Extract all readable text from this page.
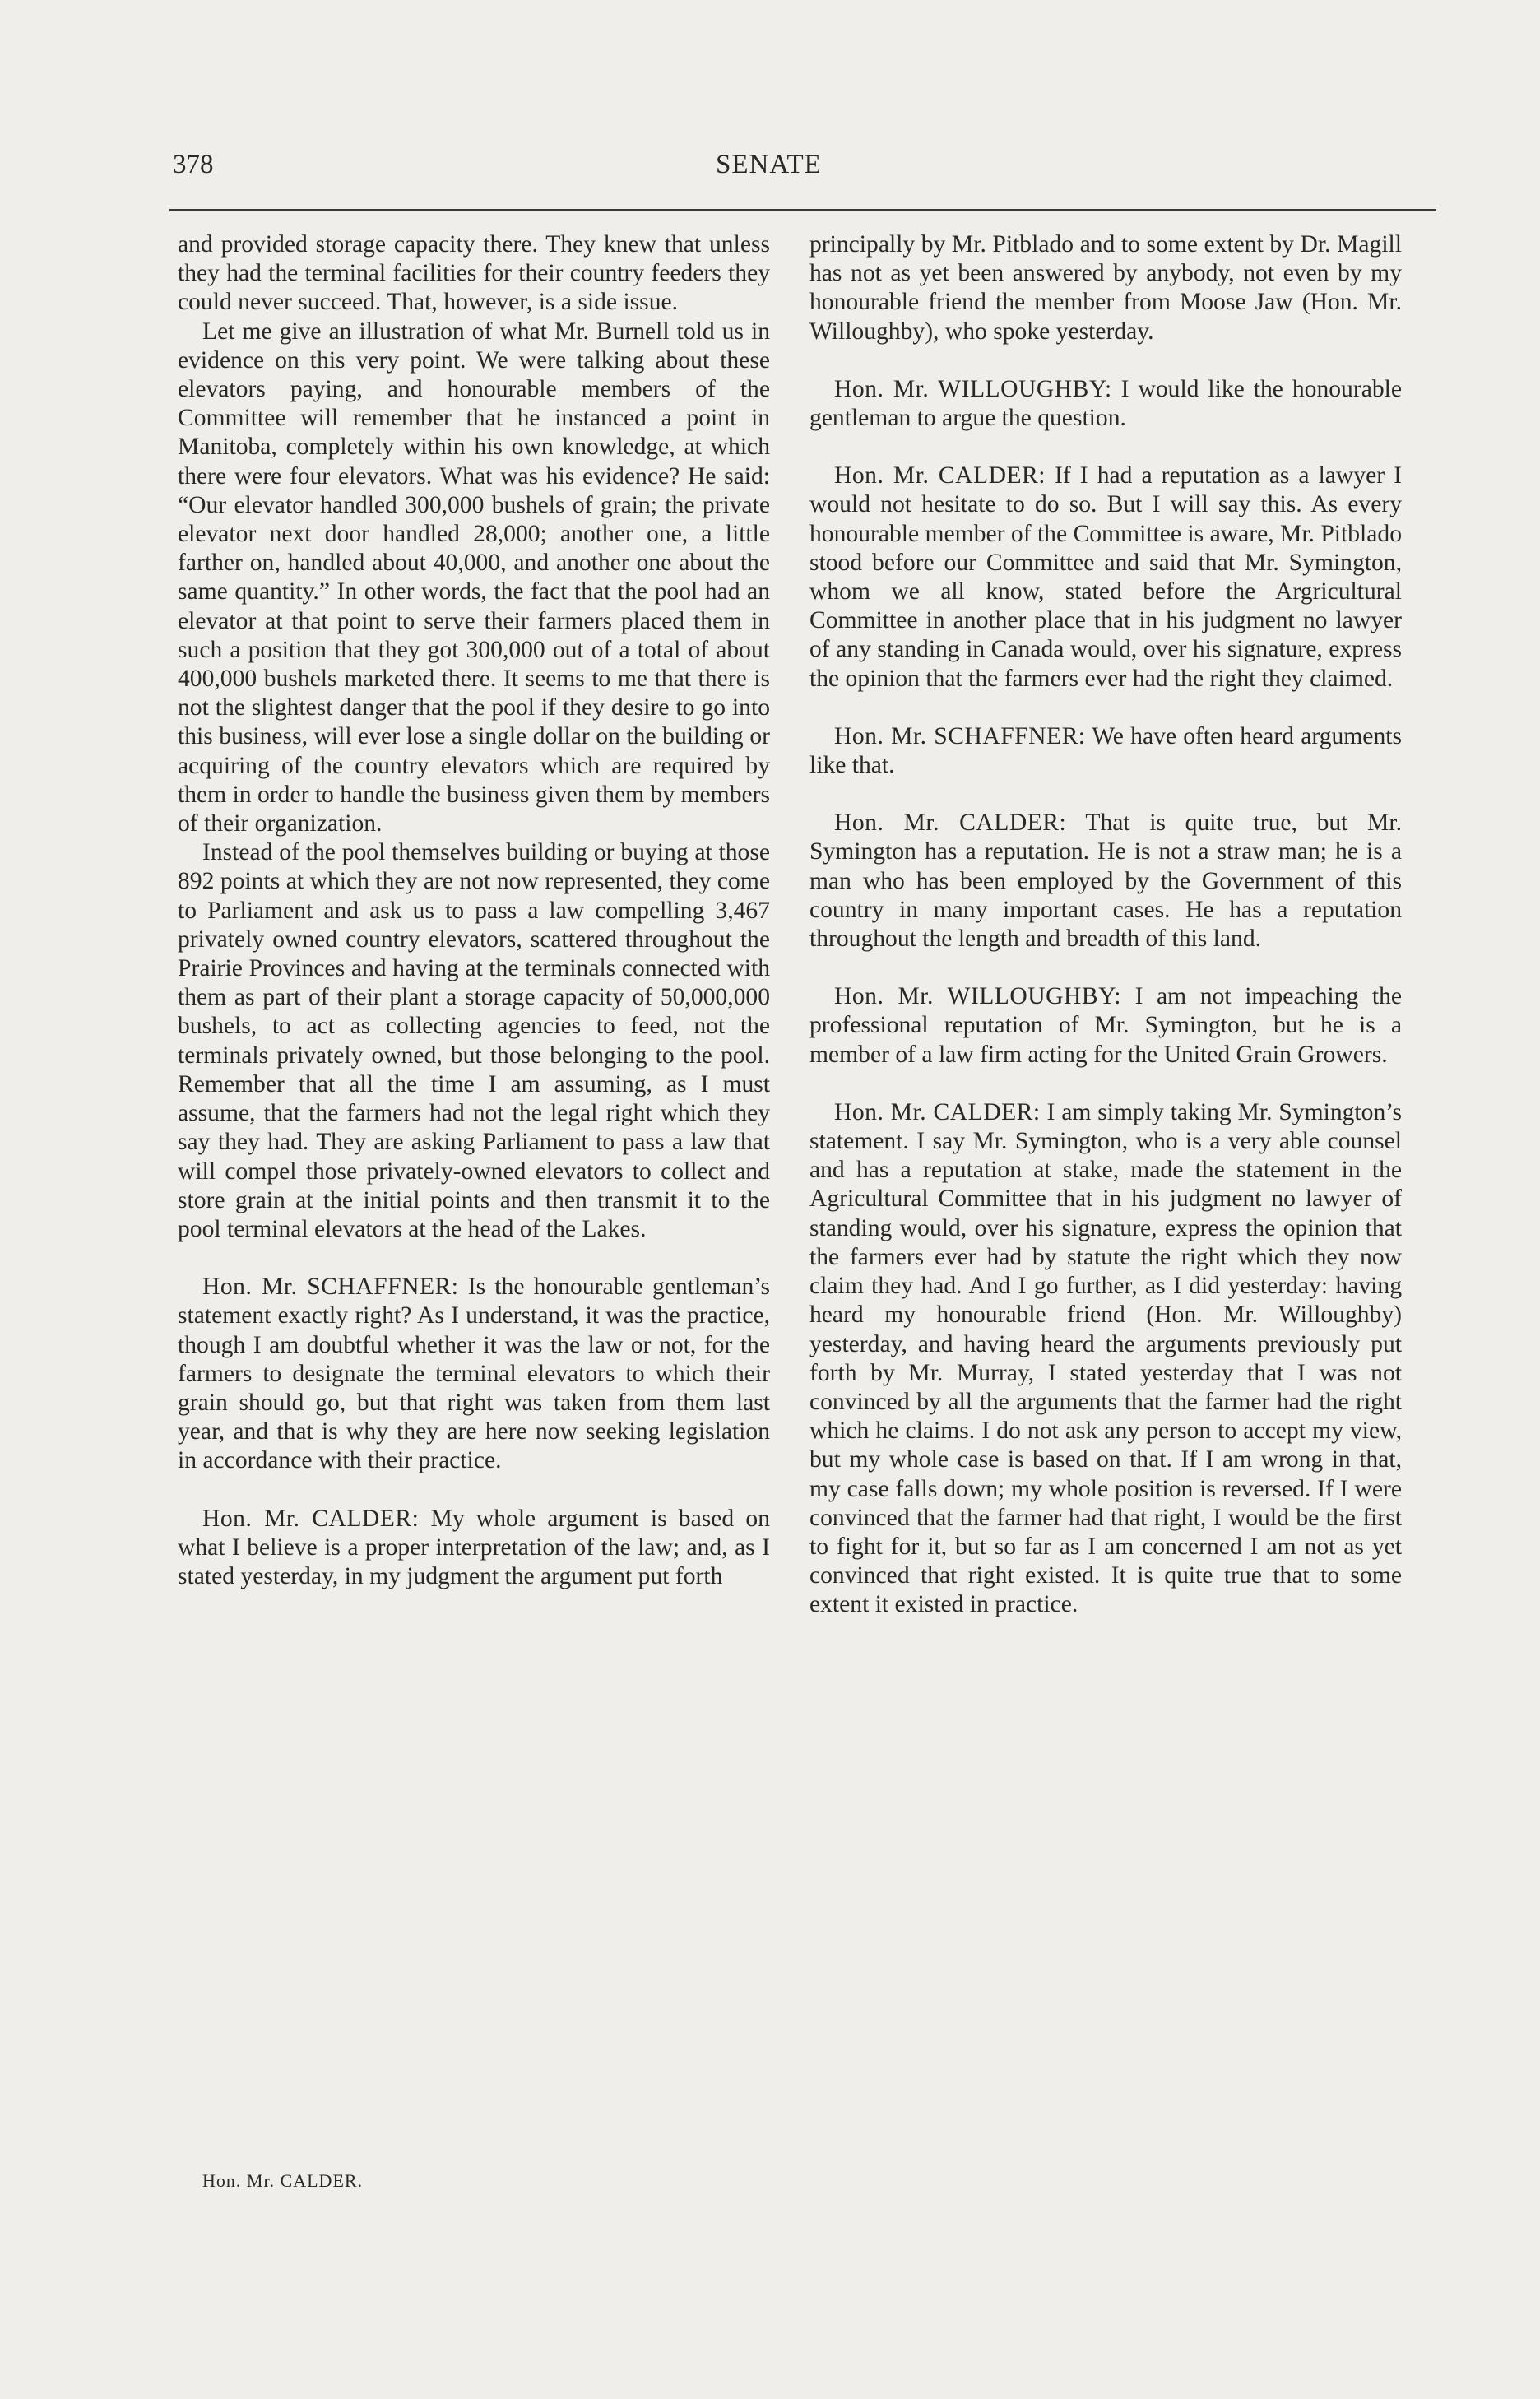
378	SENATE

and provided storage capacity there. They knew that unless they had the terminal facilities for their country feeders they could never succeed. That, however, is a side issue.

Let me give an illustration of what Mr. Burnell told us in evidence on this very point. We were talking about these elevators paying, and honourable members of the Committee will remember that he instanced a point in Manitoba, completely within his own knowledge, at which there were four elevators. What was his evidence? He said: “Our elevator handled 300,000 bushels of grain; the private elevator next door handled 28,000; another one, a little farther on, handled about 40,000, and another one about the same quantity.” In other words, the fact that the pool had an elevator at that point to serve their farmers placed them in such a position that they got 300,000 out of a total of about 400,000 bushels marketed there. It seems to me that there is not the slightest danger that the pool if they desire to go into this business, will ever lose a single dollar on the building or acquiring of the country elevators which are required by them in order to handle the business given them by members of their organization.

Instead of the pool themselves building or buying at those 892 points at which they are not now represented, they come to Parliament and ask us to pass a law compelling 3,467 privately owned country elevators, scattered throughout the Prairie Provinces and having at the terminals connected with them as part of their plant a storage capacity of 50,000,000 bushels, to act as collecting agencies to feed, not the terminals privately owned, but those belonging to the pool. Remember that all the time I am assuming, as I must assume, that the farmers had not the legal right which they say they had. They are asking Parliament to pass a law that will compel those privately-owned elevators to collect and store grain at the initial points and then transmit it to the pool terminal elevators at the head of the Lakes.

Hon. Mr. SCHAFFNER: Is the honourable gentleman’s statement exactly right? As I understand, it was the practice, though I am doubtful whether it was the law or not, for the farmers to designate the terminal elevators to which their grain should go, but that right was taken from them last year, and that is why they are here now seeking legislation in accordance with their practice.

Hon. Mr. CALDER: My whole argument is based on what I believe is a proper interpretation of the law; and, as I stated yesterday, in my judgment the argument put forth

principally by Mr. Pitblado and to some extent by Dr. Magill has not as yet been answered by anybody, not even by my honourable friend the member from Moose Jaw (Hon. Mr. Willoughby), who spoke yesterday.

Hon. Mr. WILLOUGHBY: I would like the honourable gentleman to argue the question.

Hon. Mr. CALDER: If I had a reputation as a lawyer I would not hesitate to do so. But I will say this. As every honourable member of the Committee is aware, Mr. Pitblado stood before our Committee and said that Mr. Symington, whom we all know, stated before the Argricultural Committee in another place that in his judgment no lawyer of any standing in Canada would, over his signature, express the opinion that the farmers ever had the right they claimed.

Hon. Mr. SCHAFFNER: We have often heard arguments like that.

Hon. Mr. CALDER: That is quite true, but Mr. Symington has a reputation. He is not a straw man; he is a man who has been employed by the Government of this country in many important cases. He has a reputation throughout the length and breadth of this land.

Hon. Mr. WILLOUGHBY: I am not impeaching the professional reputation of Mr. Symington, but he is a member of a law firm acting for the United Grain Growers.

Hon. Mr. CALDER: I am simply taking Mr. Symington’s statement. I say Mr. Symington, who is a very able counsel and has a reputation at stake, made the statement in the Agricultural Committee that in his judgment no lawyer of standing would, over his signature, express the opinion that the farmers ever had by statute the right which they now claim they had. And I go further, as I did yesterday: having heard my honourable friend (Hon. Mr. Willoughby) yesterday, and having heard the arguments previously put forth by Mr. Murray, I stated yesterday that I was not convinced by all the arguments that the farmer had the right which he claims. I do not ask any person to accept my view, but my whole case is based on that. If I am wrong in that, my case falls down; my whole position is reversed. If I were convinced that the farmer had that right, I would be the first to fight for it, but so far as I am concerned I am not as yet convinced that right existed. It is quite true that to some extent it existed in practice.

Hon. Mr. CALDER.
